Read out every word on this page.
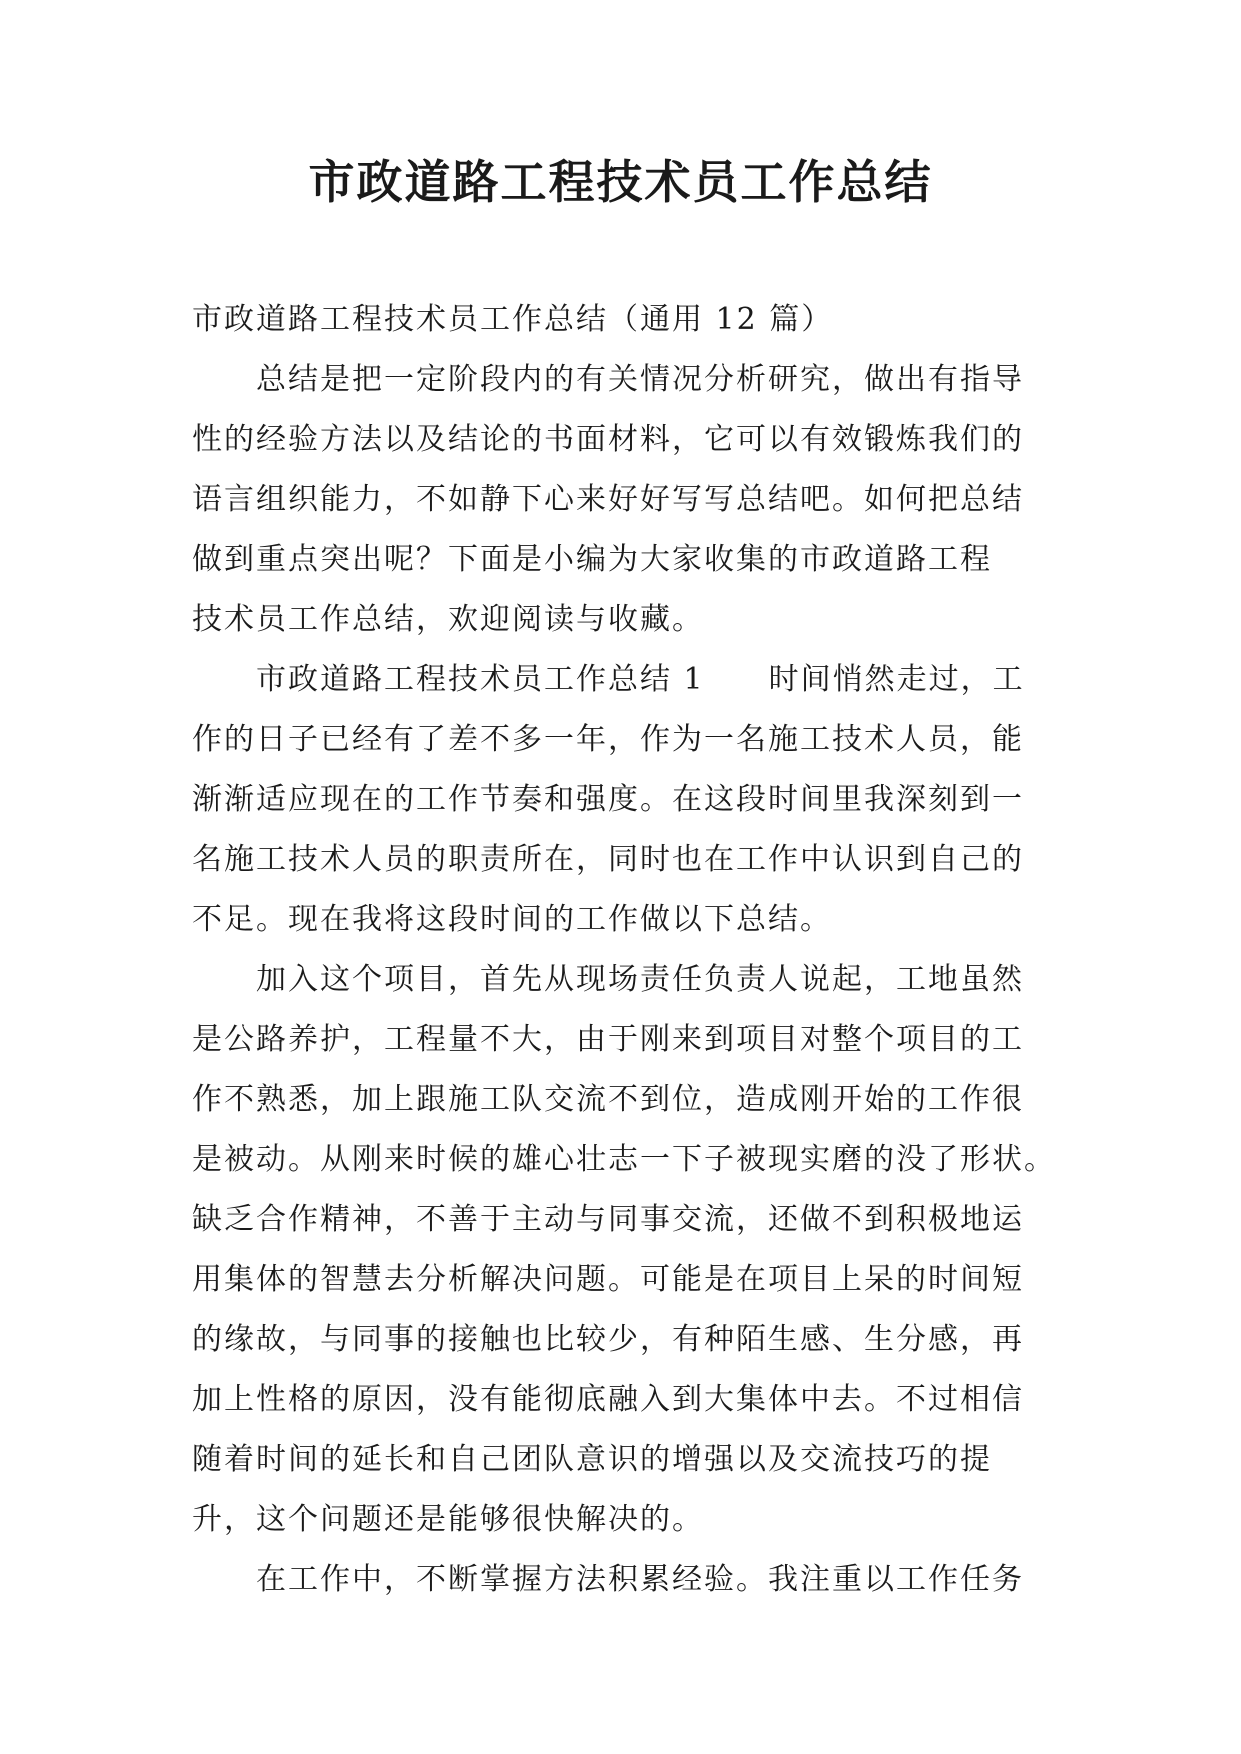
市政道路工程技术员工作总结
市政道路工程技术员工作总结（通用 12 篇）
总结是把一定阶段内的有关情况分析研究，做出有指导
性的经验方法以及结论的书面材料，它可以有效锻炼我们的
语言组织能力，不如静下心来好好写写总结吧。如何把总结
做到重点突出呢？下面是小编为大家收集的市政道路工程
技术员工作总结，欢迎阅读与收藏。
市政道路工程技术员工作总结 1 时间悄然走过，工
作的日子已经有了差不多一年，作为一名施工技术人员，能
渐渐适应现在的工作节奏和强度。在这段时间里我深刻到一
名施工技术人员的职责所在，同时也在工作中认识到自己的
不足。现在我将这段时间的工作做以下总结。
加入这个项目，首先从现场责任负责人说起，工地虽然
是公路养护，工程量不大，由于刚来到项目对整个项目的工
作不熟悉，加上跟施工队交流不到位，造成刚开始的工作很
是被动。从刚来时候的雄心壮志一下子被现实磨的没了形状。
缺乏合作精神，不善于主动与同事交流，还做不到积极地运
用集体的智慧去分析解决问题。可能是在项目上呆的时间短
的缘故，与同事的接触也比较少，有种陌生感、生分感，再
加上性格的原因，没有能彻底融入到大集体中去。不过相信
随着时间的延长和自己团队意识的增强以及交流技巧的提
升，这个问题还是能够很快解决的。
在工作中，不断掌握方法积累经验。我注重以工作任务
